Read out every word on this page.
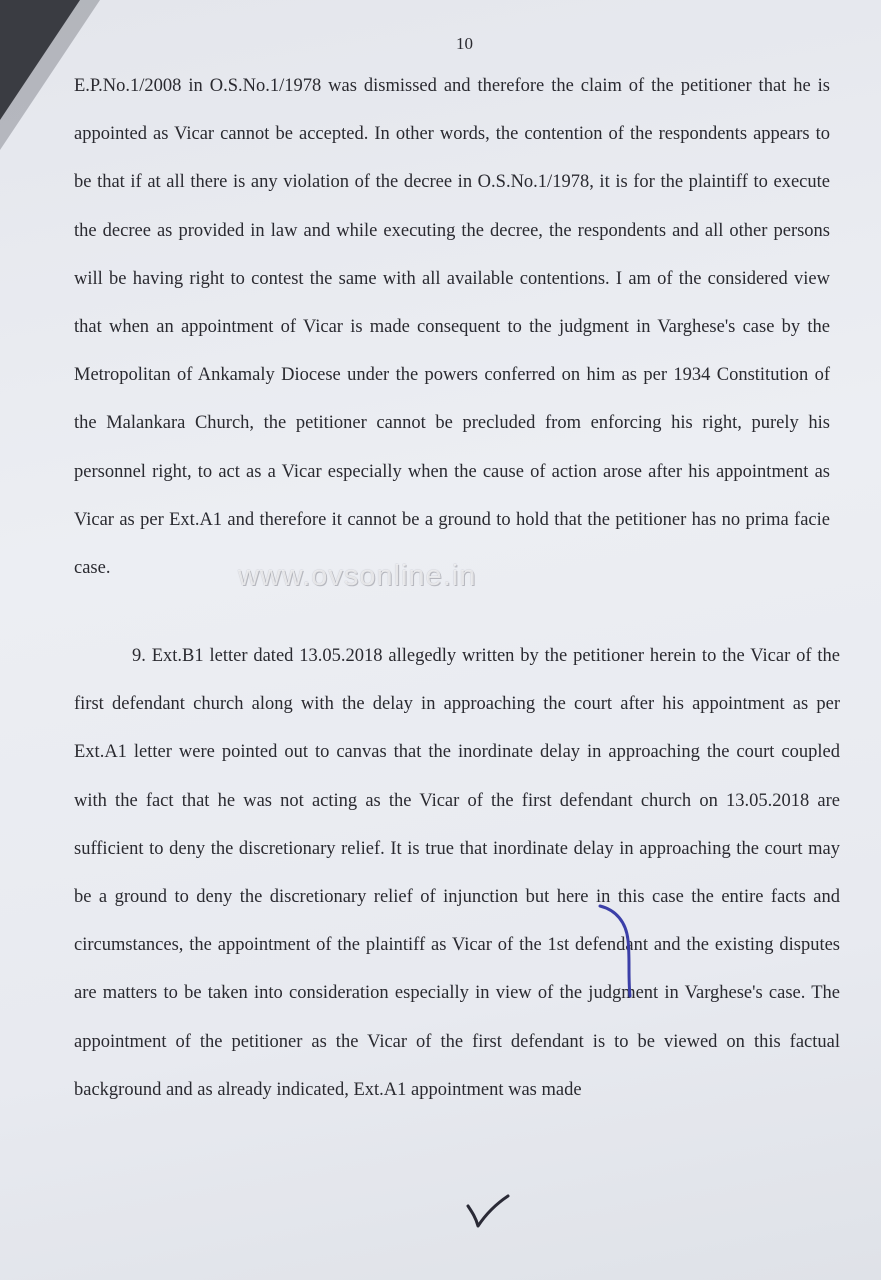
10

E.P.No.1/2008 in O.S.No.1/1978 was dismissed and therefore the claim of the petitioner that he is appointed as Vicar cannot be accepted. In other words, the contention of the respondents appears to be that if at all there is any violation of the decree in O.S.No.1/1978, it is for the plaintiff to execute the decree as provided in law and while executing the decree, the respondents and all other persons will be having right to contest the same with all available contentions. I am of the considered view that when an appointment of Vicar is made consequent to the judgment in Varghese's case by the Metropolitan of Ankamaly Diocese under the powers conferred on him as per 1934 Constitution of the Malankara Church, the petitioner cannot be precluded from enforcing his right, purely his personnel right, to act as a Vicar especially when the cause of action arose after his appointment as Vicar as per Ext.A1 and therefore it cannot be a ground to hold that the petitioner has no prima facie case.	www.ovsonline.in

9. Ext.B1 letter dated 13.05.2018 allegedly written by the petitioner herein to the Vicar of the first defendant church along with the delay in approaching the court after his appointment as per Ext.A1 letter were pointed out to canvas that the inordinate delay in approaching the court coupled with the fact that he was not acting as the Vicar of the first defendant church on 13.05.2018 are sufficient to deny the discretionary relief. It is true that inordinate delay in approaching the court may be a ground to deny the discretionary relief of injunction but here in this case the entire facts and circumstances, the appointment of the plaintiff as Vicar of the 1st defendant and the existing disputes are matters to be taken into consideration especially in view of the judgment in Varghese's case. The appointment of the petitioner as the Vicar of the first defendant is to be viewed on this factual background and as already indicated, Ext.A1 appointment was made
